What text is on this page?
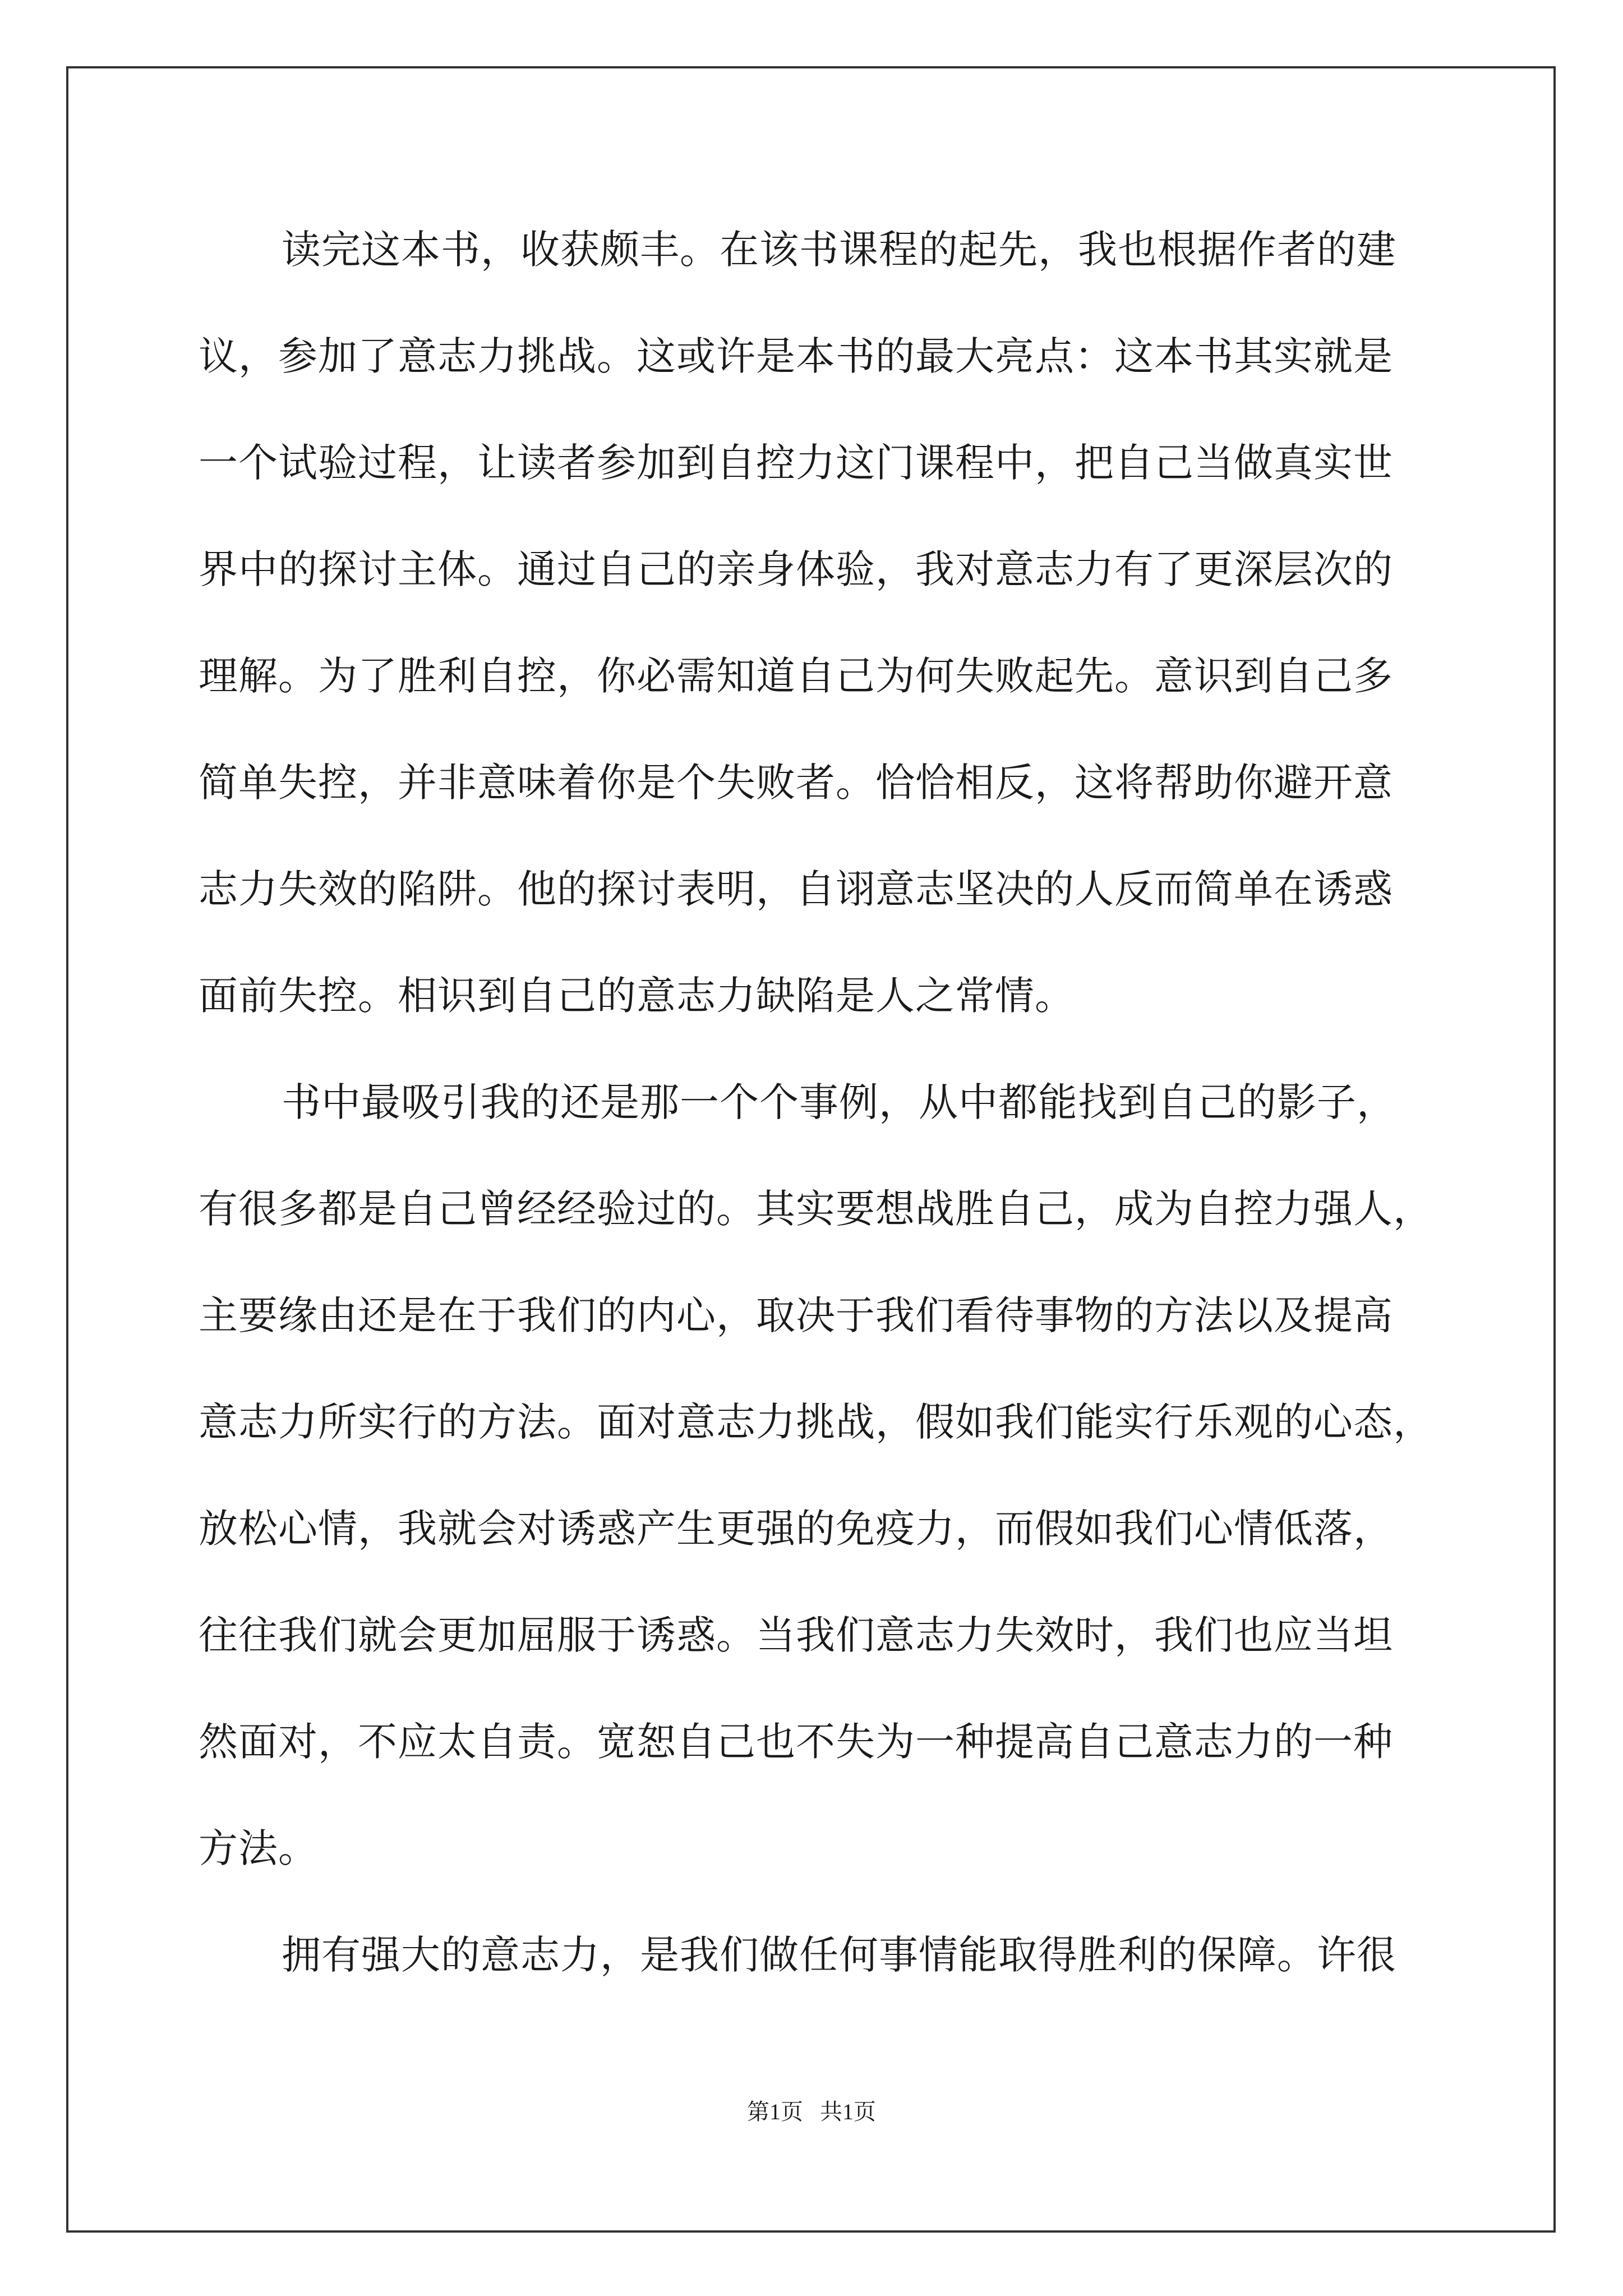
读完这本书，收获颇丰。在该书课程的起先，我也根据作者的建
议，参加了意志力挑战。这或许是本书的最大亮点：这本书其实就是
一个试验过程，让读者参加到自控力这门课程中，把自己当做真实世
界中的探讨主体。通过自己的亲身体验，我对意志力有了更深层次的
理解。为了胜利自控，你必需知道自己为何失败起先。意识到自己多
简单失控，并非意味着你是个失败者。恰恰相反，这将帮助你避开意
志力失效的陷阱。他的探讨表明，自诩意志坚决的人反而简单在诱惑
面前失控。相识到自己的意志力缺陷是人之常情。
书中最吸引我的还是那一个个事例，从中都能找到自己的影子，
有很多都是自己曾经经验过的。其实要想战胜自己，成为自控力强人，
主要缘由还是在于我们的内心，取决于我们看待事物的方法以及提高
意志力所实行的方法。面对意志力挑战，假如我们能实行乐观的心态，
放松心情，我就会对诱惑产生更强的免疫力，而假如我们心情低落，
往往我们就会更加屈服于诱惑。当我们意志力失效时，我们也应当坦
然面对，不应太自责。宽恕自己也不失为一种提高自己意志力的一种
方法。
拥有强大的意志力，是我们做任何事情能取得胜利的保障。许很
第1页 共1页
